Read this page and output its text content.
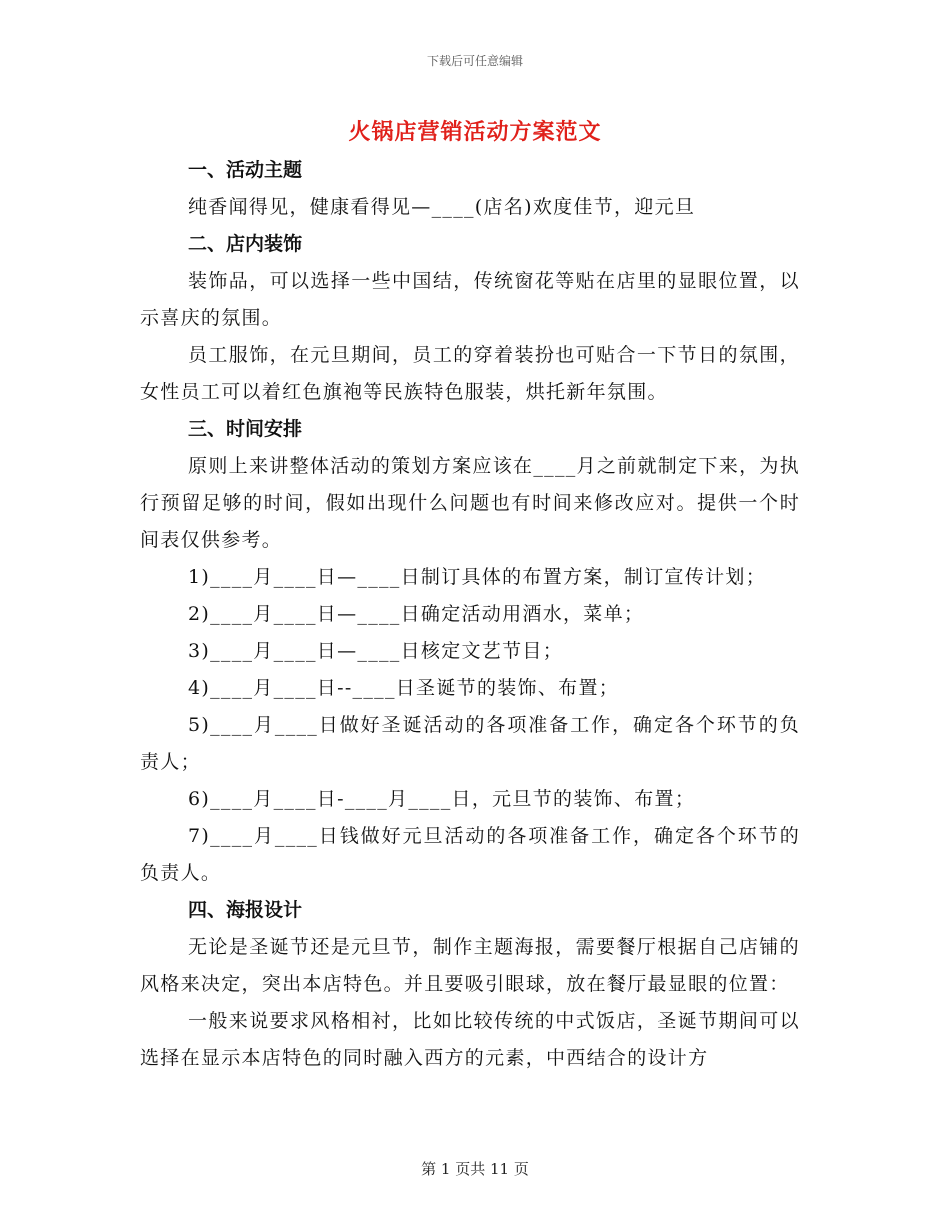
下载后可任意编辑
火锅店营销活动方案范文
一、活动主题

纯香闻得见，健康看得见—____(店名)欢度佳节，迎元旦

二、店内装饰

装饰品，可以选择一些中国结，传统窗花等贴在店里的显眼位置，以示喜庆的氛围。

员工服饰，在元旦期间，员工的穿着装扮也可贴合一下节日的氛围，女性员工可以着红色旗袍等民族特色服装，烘托新年氛围。

三、时间安排

原则上来讲整体活动的策划方案应该在____月之前就制定下来，为执行预留足够的时间，假如出现什么问题也有时间来修改应对。提供一个时间表仅供参考。

1)____月____日—____日制订具体的布置方案，制订宣传计划；

2)____月____日—____日确定活动用酒水，菜单；

3)____月____日—____日核定文艺节目；

4)____月____日--____日圣诞节的装饰、布置；

5)____月____日做好圣诞活动的各项准备工作，确定各个环节的负责人；

6)____月____日-____月____日，元旦节的装饰、布置；

7)____月____日钱做好元旦活动的各项准备工作，确定各个环节的负责人。

四、海报设计

无论是圣诞节还是元旦节，制作主题海报，需要餐厅根据自己店铺的风格来决定，突出本店特色。并且要吸引眼球，放在餐厅最显眼的位置：

一般来说要求风格相衬，比如比较传统的中式饭店，圣诞节期间可以选择在显示本店特色的同时融入西方的元素，中西结合的设计方

第 1 页共 11 页
